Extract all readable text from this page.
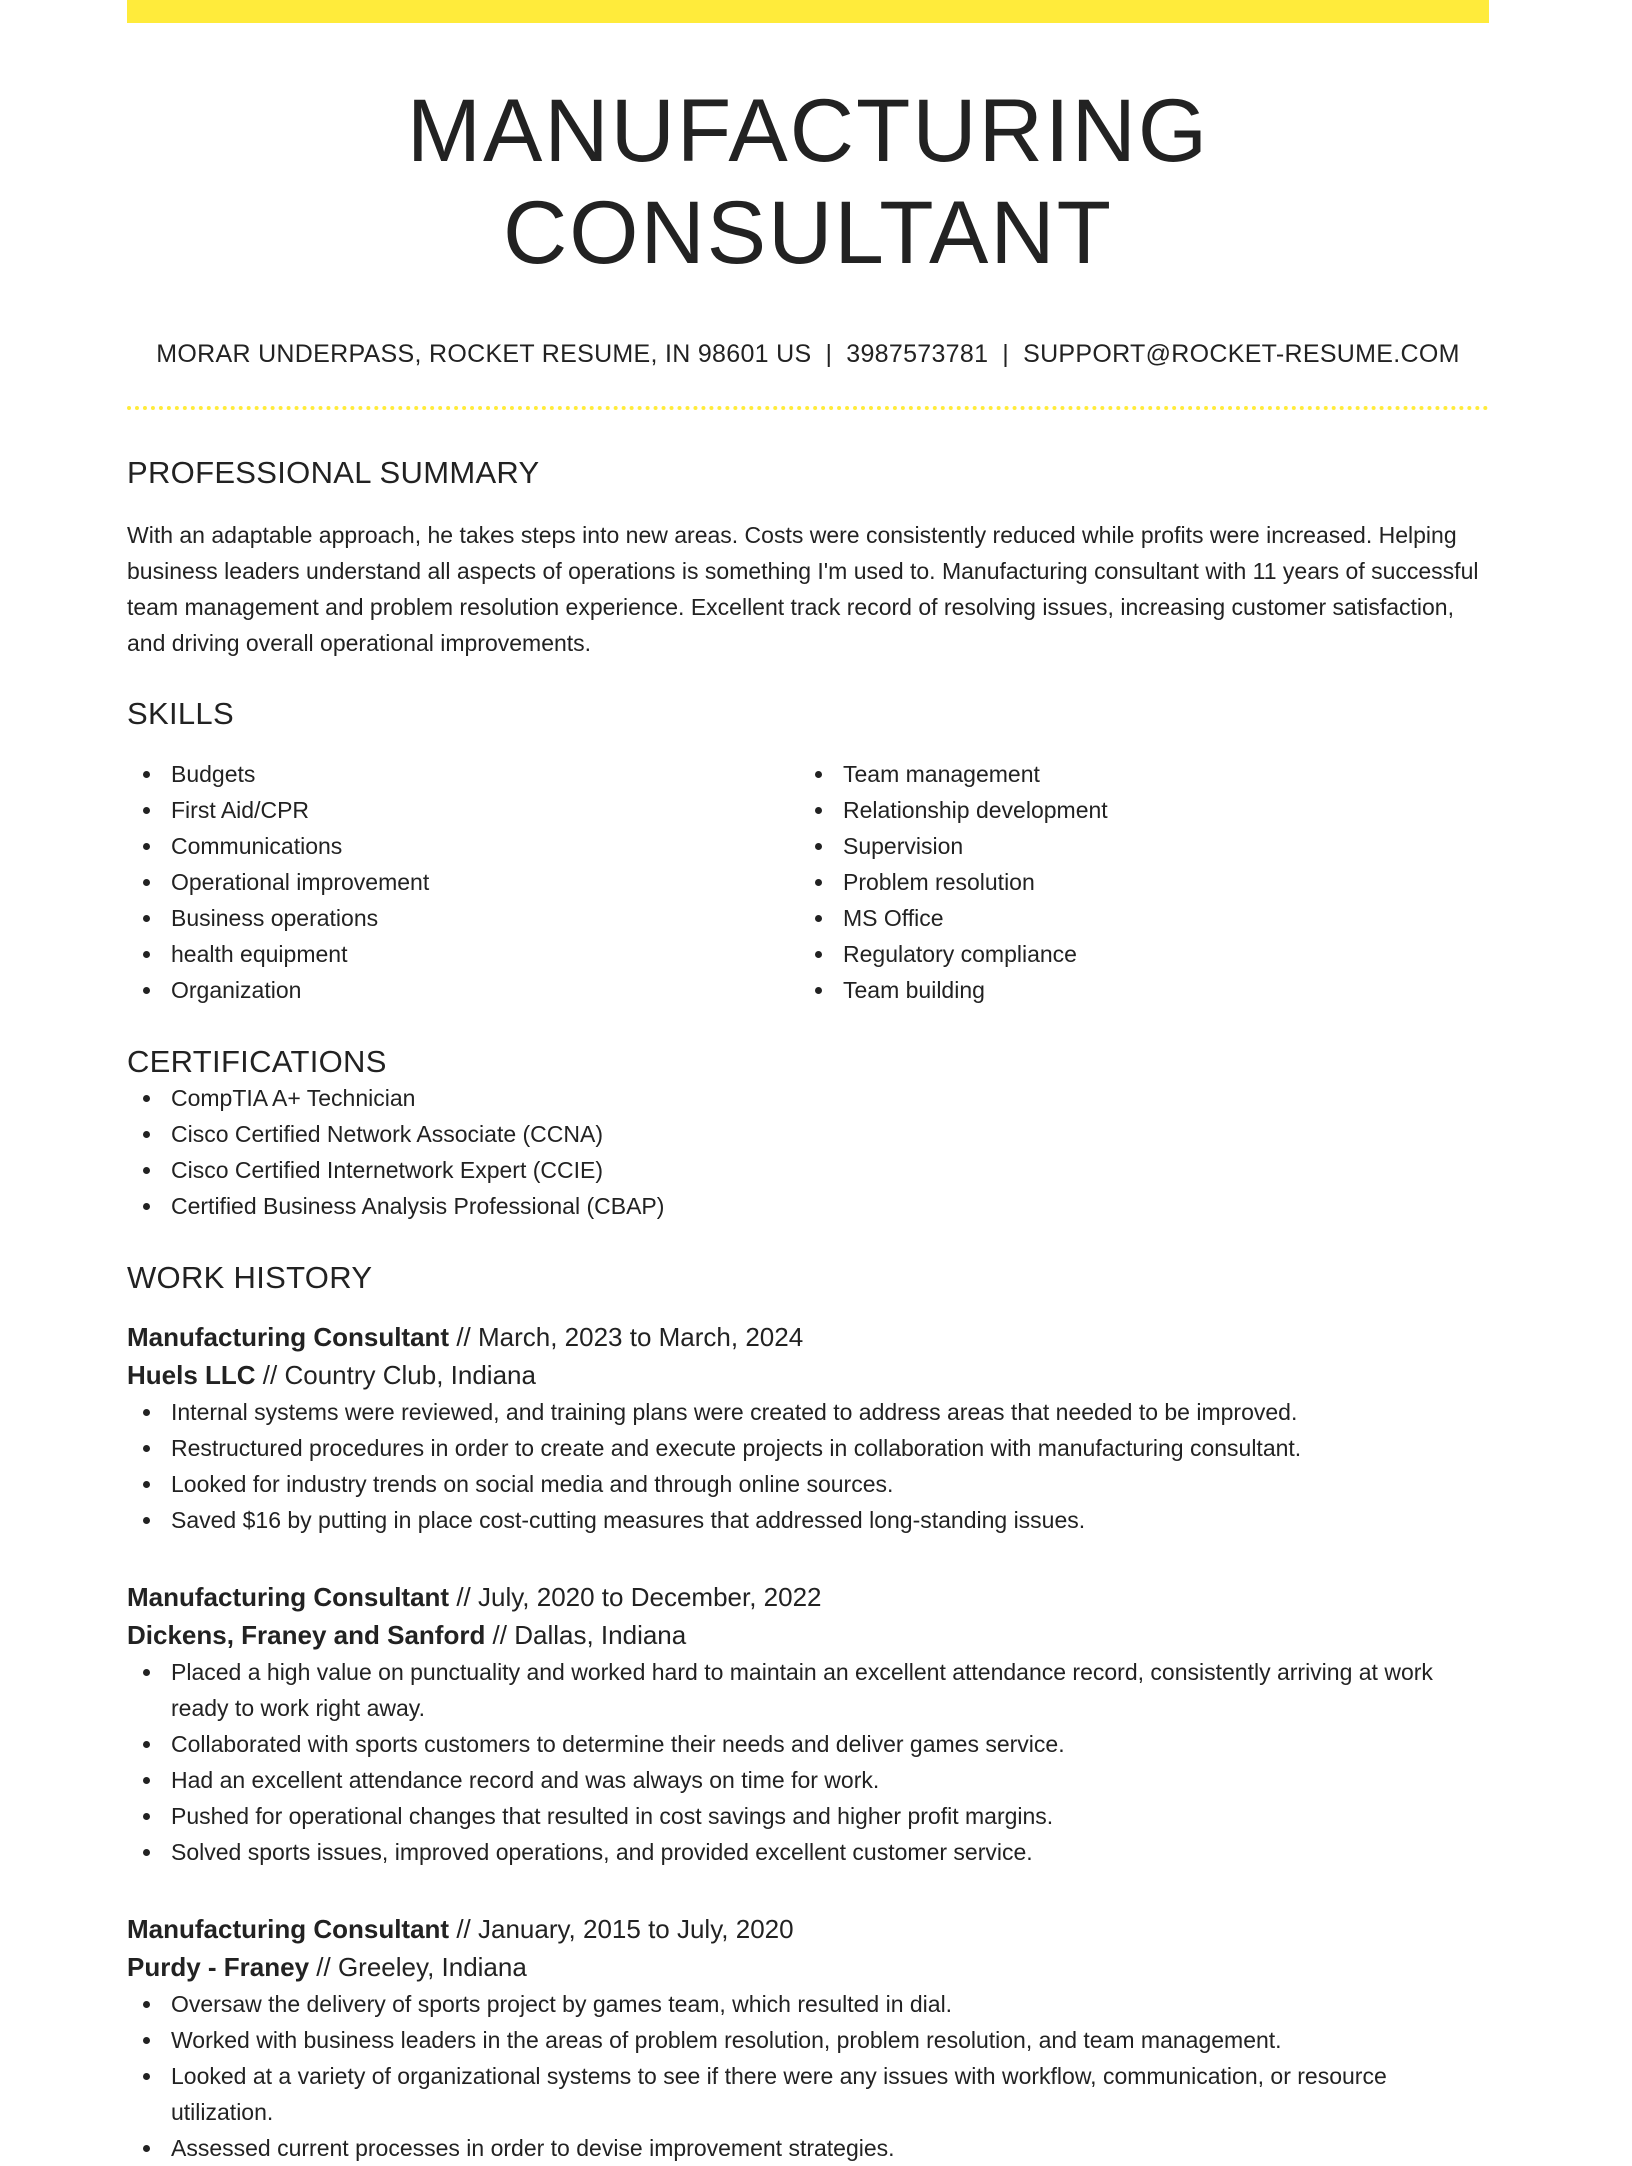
MANUFACTURING CONSULTANT
MORAR UNDERPASS, ROCKET RESUME, IN 98601 US | 3987573781 | SUPPORT@ROCKET-RESUME.COM
PROFESSIONAL SUMMARY
With an adaptable approach, he takes steps into new areas. Costs were consistently reduced while profits were increased. Helping business leaders understand all aspects of operations is something I'm used to. Manufacturing consultant with 11 years of successful team management and problem resolution experience. Excellent track record of resolving issues, increasing customer satisfaction, and driving overall operational improvements.
SKILLS
Budgets
First Aid/CPR
Communications
Operational improvement
Business operations
health equipment
Organization
Team management
Relationship development
Supervision
Problem resolution
MS Office
Regulatory compliance
Team building
CERTIFICATIONS
CompTIA A+ Technician
Cisco Certified Network Associate (CCNA)
Cisco Certified Internetwork Expert (CCIE)
Certified Business Analysis Professional (CBAP)
WORK HISTORY
Manufacturing Consultant // March, 2023 to March, 2024
Huels LLC // Country Club, Indiana
Internal systems were reviewed, and training plans were created to address areas that needed to be improved.
Restructured procedures in order to create and execute projects in collaboration with manufacturing consultant.
Looked for industry trends on social media and through online sources.
Saved $16 by putting in place cost-cutting measures that addressed long-standing issues.
Manufacturing Consultant // July, 2020 to December, 2022
Dickens, Franey and Sanford // Dallas, Indiana
Placed a high value on punctuality and worked hard to maintain an excellent attendance record, consistently arriving at work ready to work right away.
Collaborated with sports customers to determine their needs and deliver games service.
Had an excellent attendance record and was always on time for work.
Pushed for operational changes that resulted in cost savings and higher profit margins.
Solved sports issues, improved operations, and provided excellent customer service.
Manufacturing Consultant // January, 2015 to July, 2020
Purdy - Franey // Greeley, Indiana
Oversaw the delivery of sports project by games team, which resulted in dial.
Worked with business leaders in the areas of problem resolution, problem resolution, and team management.
Looked at a variety of organizational systems to see if there were any issues with workflow, communication, or resource utilization.
Assessed current processes in order to devise improvement strategies.
